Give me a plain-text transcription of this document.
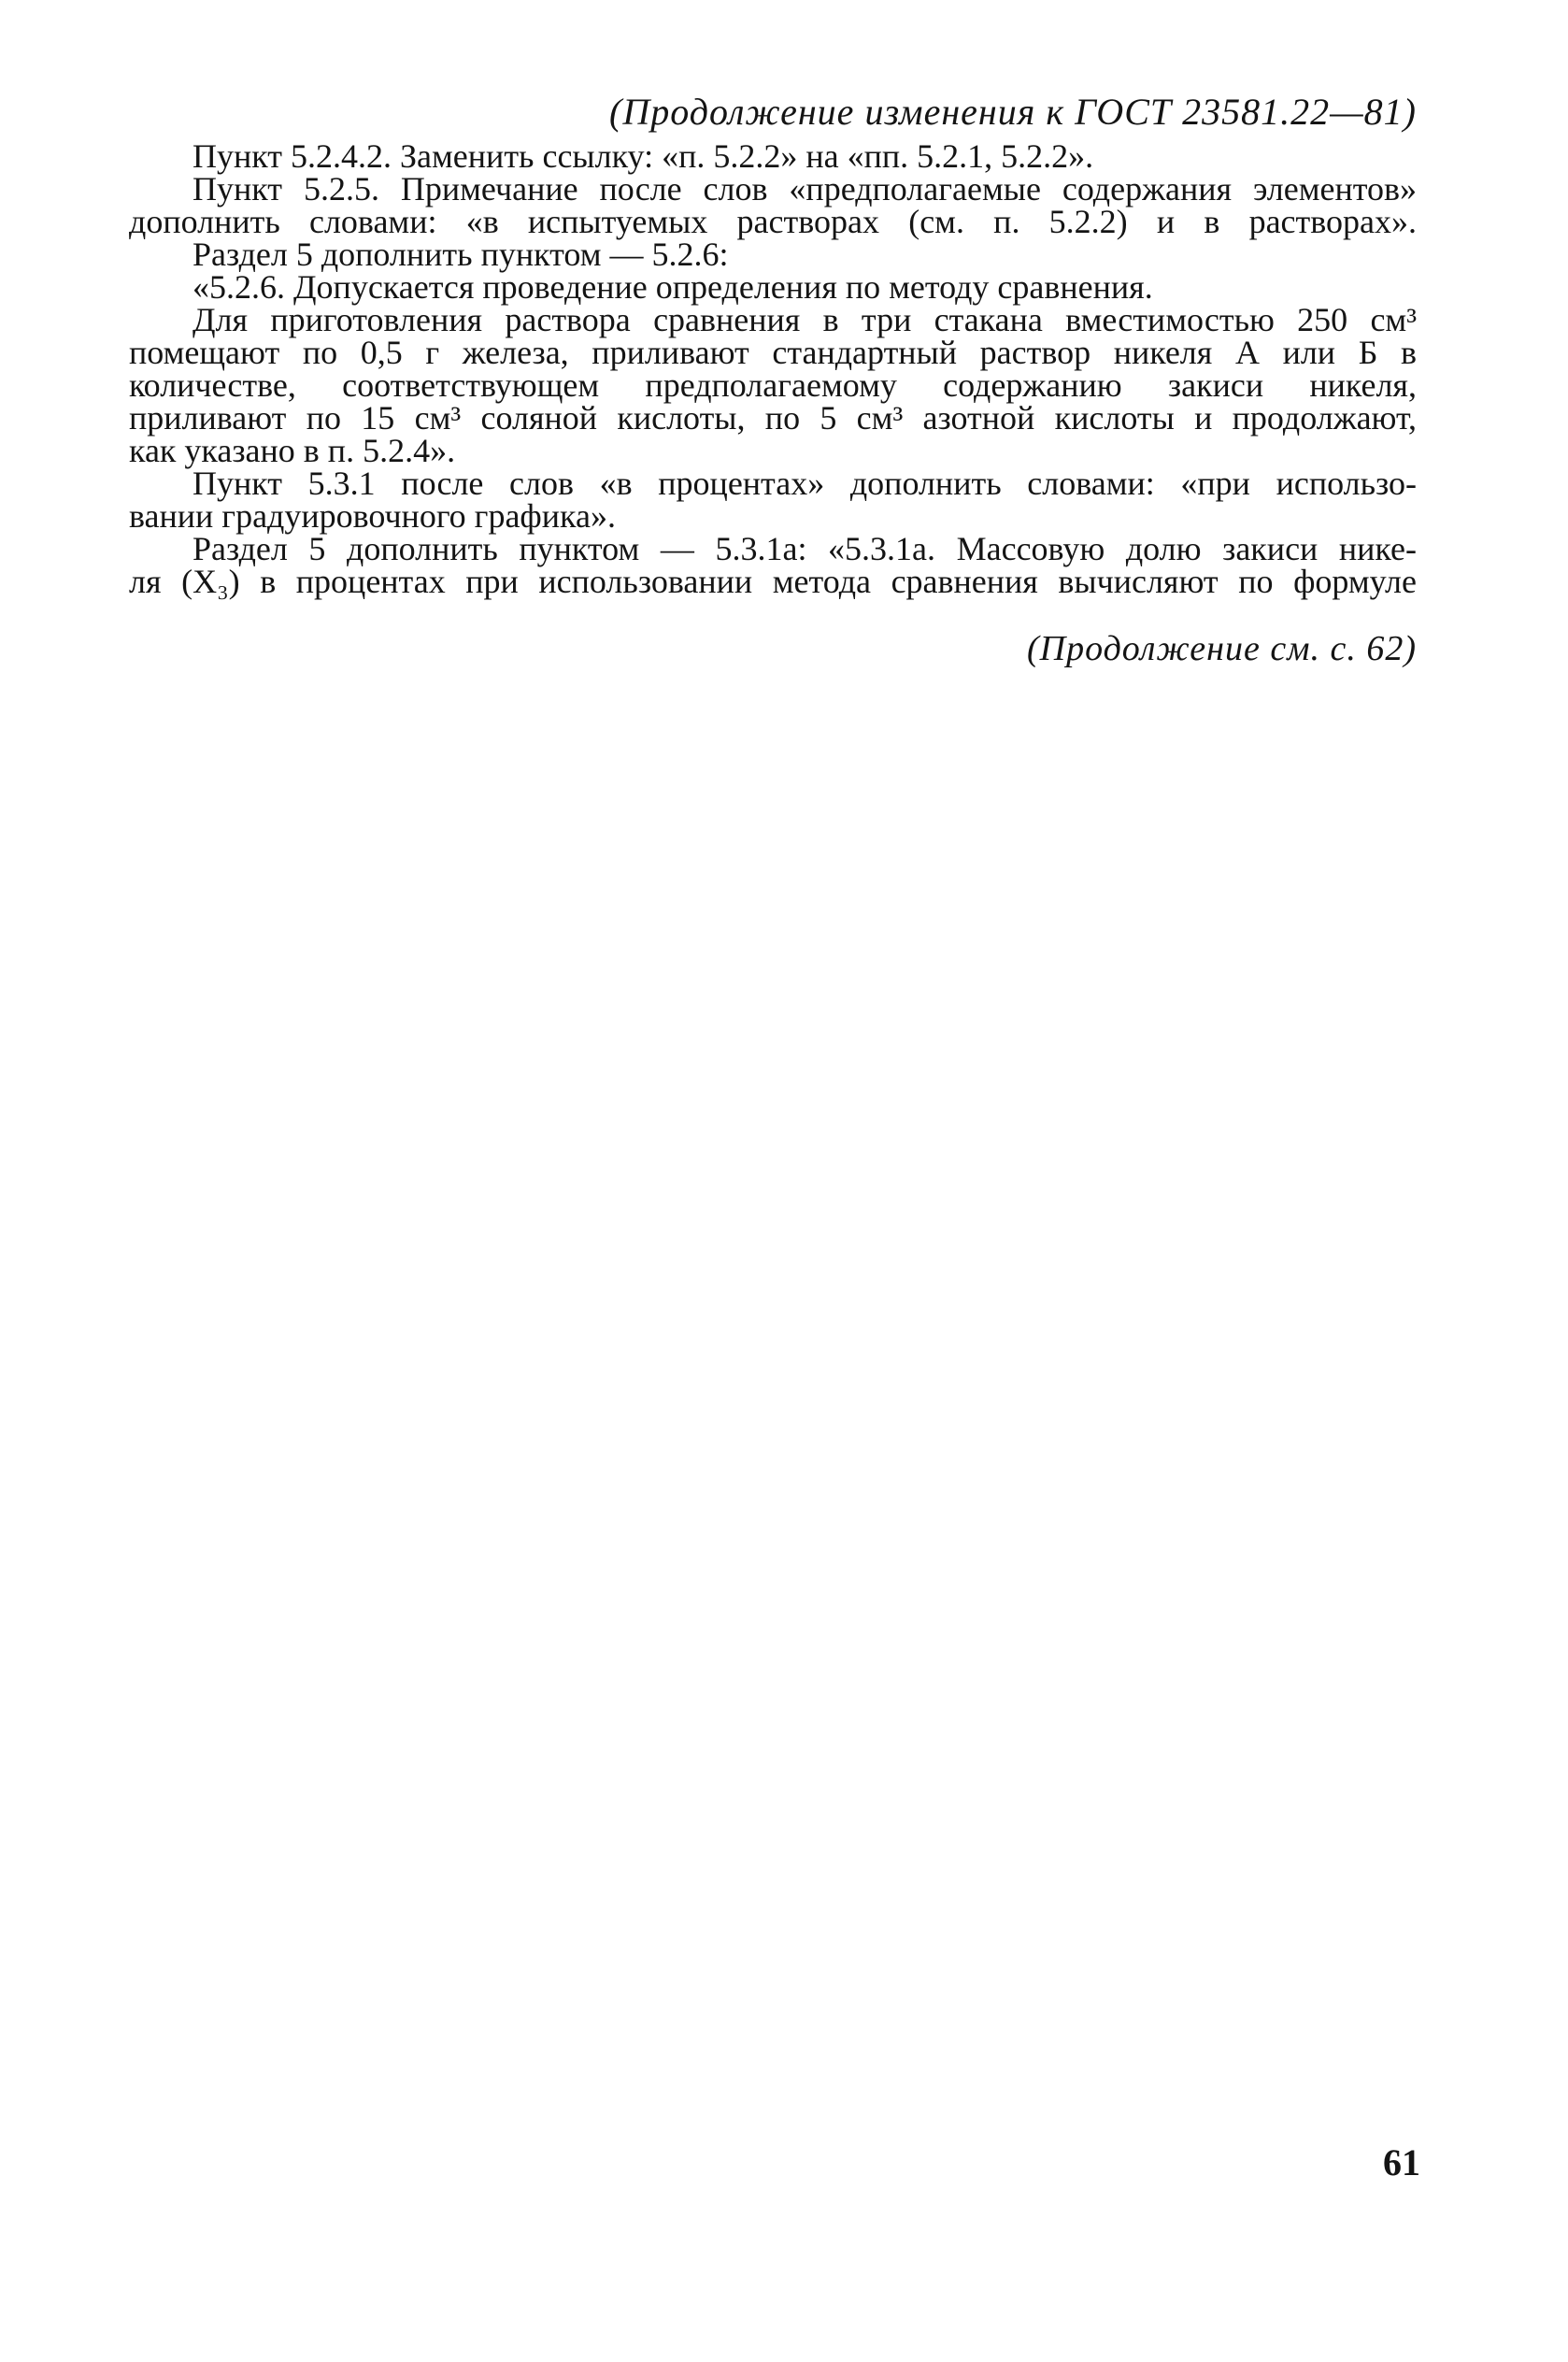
(Продолжение изменения к ГОСТ 23581.22—81)
Пункт 5.2.4.2. Заменить ссылку: «п. 5.2.2» на «пп. 5.2.1, 5.2.2».
Пункт 5.2.5. Примечание после слов «предполагаемые содержания элементов»
дополнить словами: «в испытуемых растворах (см. п. 5.2.2) и в растворах».
Раздел 5 дополнить пунктом — 5.2.6:
«5.2.6. Допускается проведение определения по методу сравнения.
Для приготовления раствора сравнения в три стакана вместимостью 250 см³
помещают по 0,5 г железа, приливают стандартный раствор никеля А или Б в
количестве, соответствующем предполагаемому содержанию закиси никеля,
приливают по 15 см³ соляной кислоты, по 5 см³ азотной кислоты и продолжают,
как указано в п. 5.2.4».
Пункт 5.3.1 после слов «в процентах» дополнить словами: «при использо-
вании градуировочного графика».
Раздел 5 дополнить пунктом — 5.3.1а: «5.3.1а. Массовую долю закиси нике-
ля (X₃) в процентах при использовании метода сравнения вычисляют по формуле
(Продолжение см. с. 62)
61
